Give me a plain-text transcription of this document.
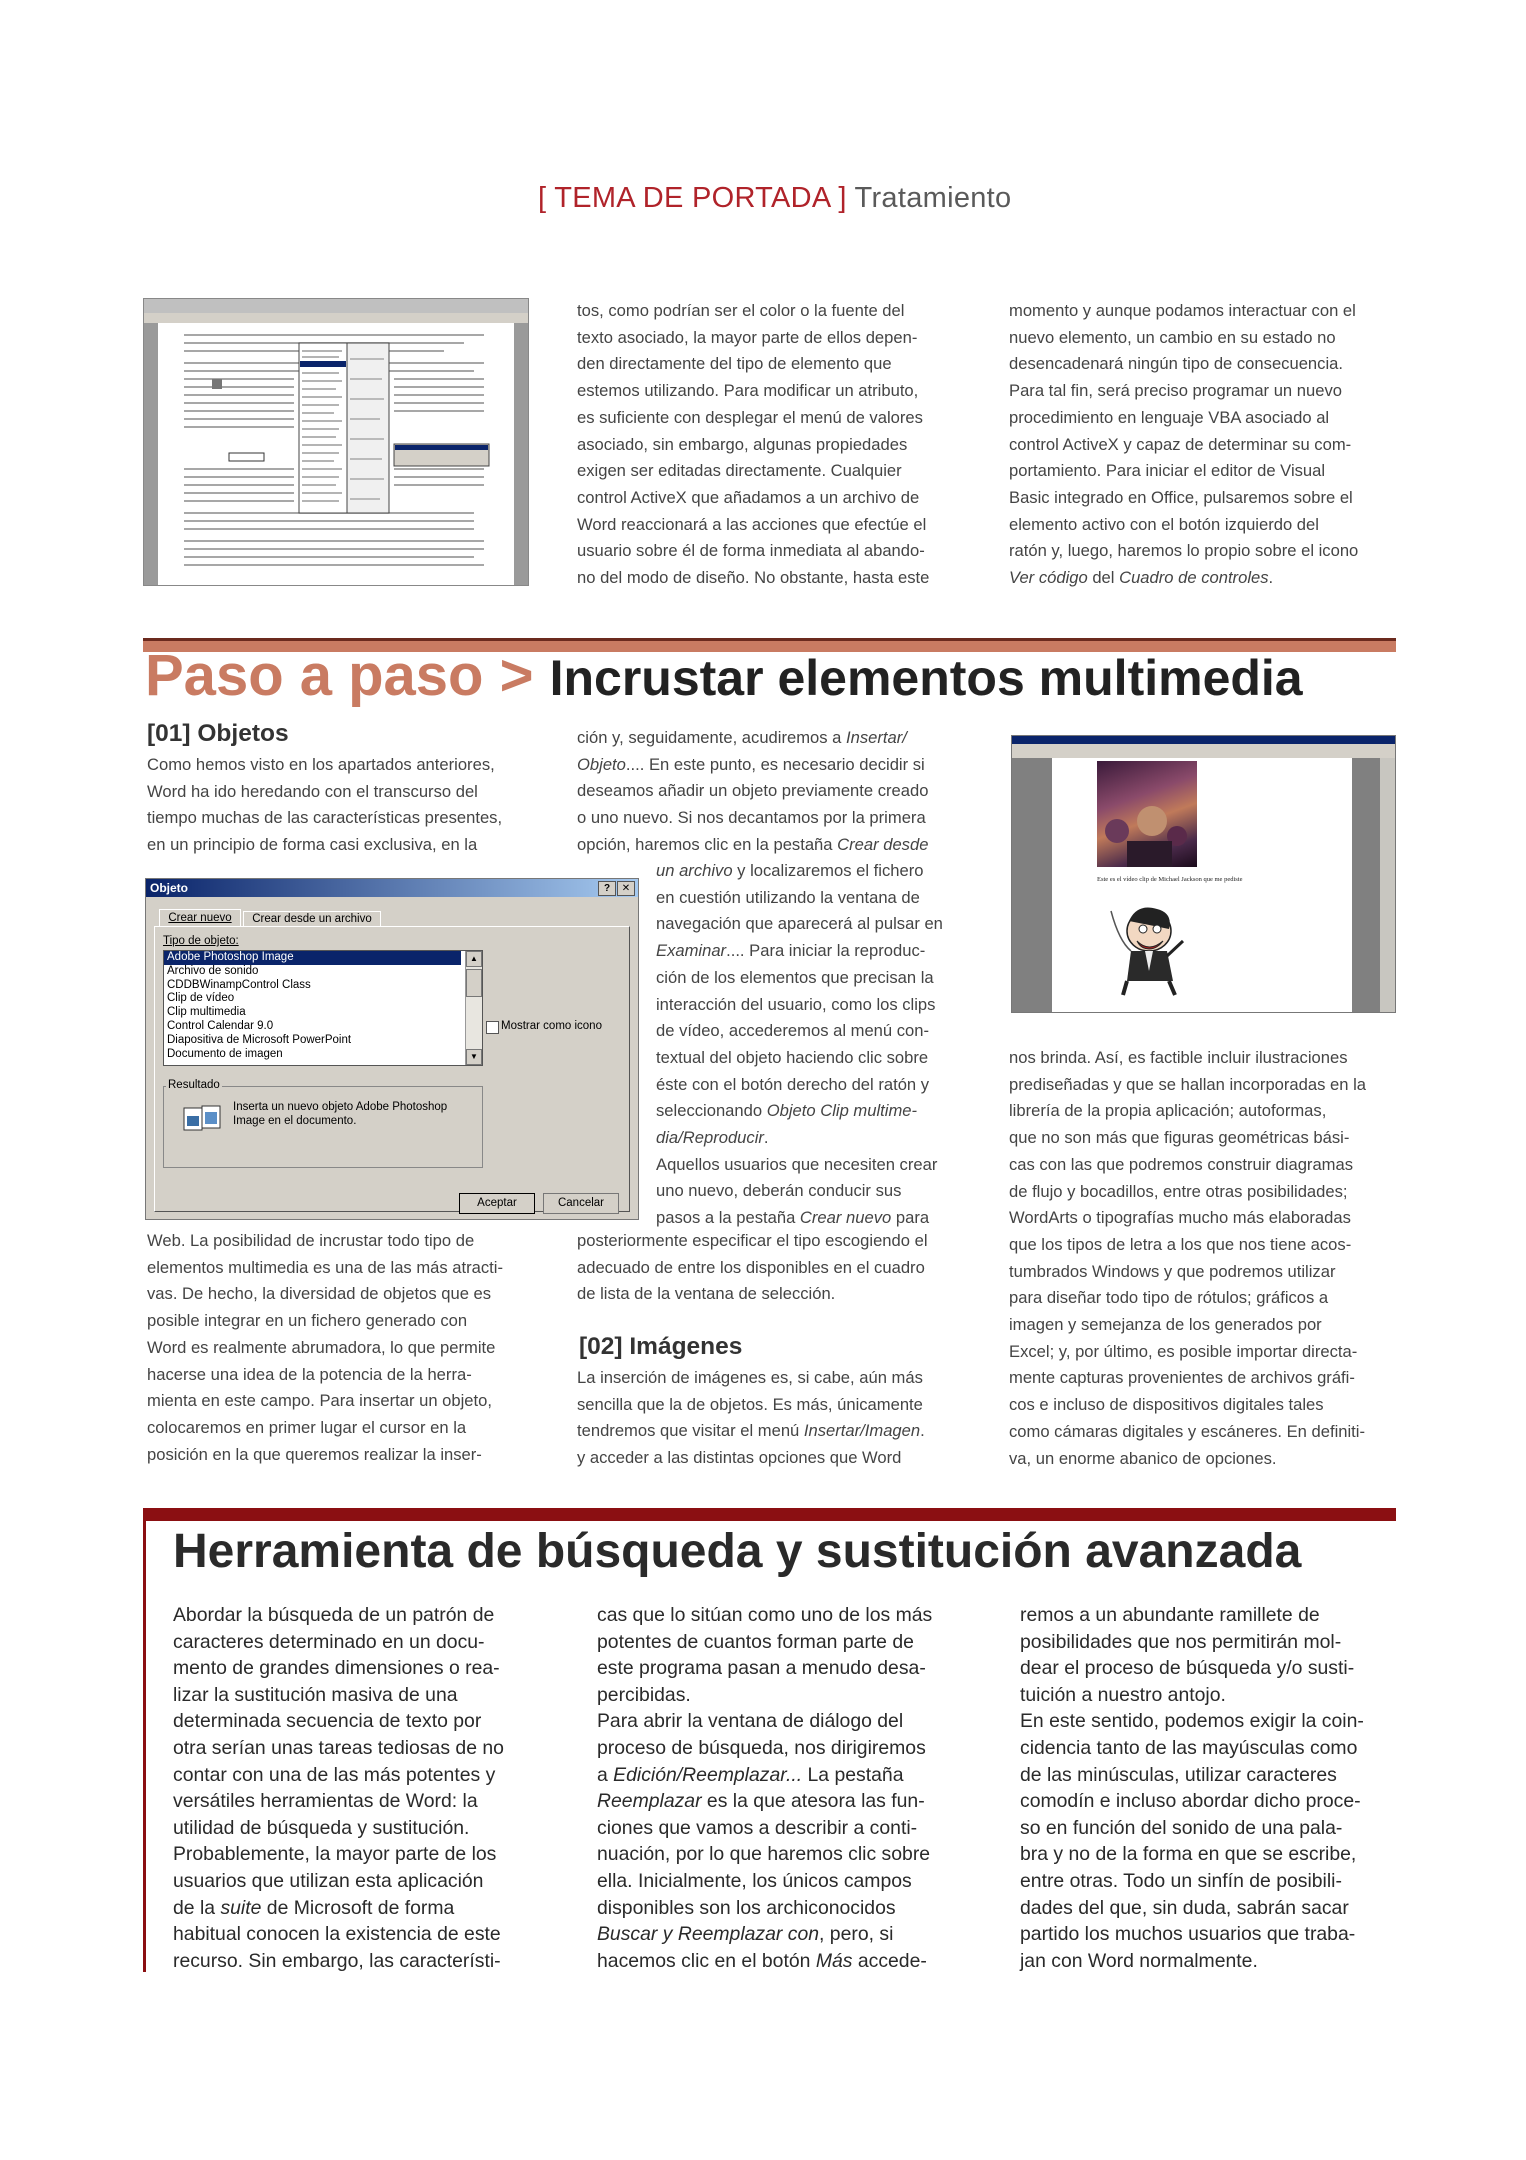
[ TEMA DE PORTADA ] Tratamiento

tos, como podrían ser el color o la fuente del

texto asociado, la mayor parte de ellos depen-

den directamente del tipo de elemento que

estemos utilizando. Para modificar un atributo,

es suficiente con desplegar el menú de valores

asociado, sin embargo, algunas propiedades

exigen ser editadas directamente. Cualquier

control ActiveX que añadamos a un archivo de

Word reaccionará a las acciones que efectúe el

usuario sobre él de forma inmediata al abando-

no del modo de diseño. No obstante, hasta este

momento y aunque podamos interactuar con el

nuevo elemento, un cambio en su estado no

desencadenará ningún tipo de consecuencia.

Para tal fin, será preciso programar un nuevo

procedimiento en lenguaje VBA asociado al

control ActiveX y capaz de determinar su com-

portamiento. Para iniciar el editor de Visual

Basic integrado en Office, pulsaremos sobre el

elemento activo con el botón izquierdo del

ratón y, luego, haremos lo propio sobre el icono

Ver código del Cuadro de controles.

Paso a paso > Incrustar elementos multimedia
[01] Objetos

Como hemos visto en los apartados anteriores,

Word ha ido heredando con el transcurso del

tiempo muchas de las características presentes,

en un principio de forma casi exclusiva, en la

Objeto	?	✕
Crear nuevo	Crear desde un archivo
Tipo de objeto:
Adobe Photoshop Image
Archivo de sonido
CDDBWinampControl Class
Clip de vídeo
Clip multimedia
Control Calendar 9.0
Diapositiva de Microsoft PowerPoint
Documento de imagen
▲
▼
Mostrar como icono
Resultado
Inserta un nuevo objeto Adobe Photoshop Image en el documento.
Aceptar	Cancelar

Web. La posibilidad de incrustar todo tipo de

elementos multimedia es una de las más atracti-

vas. De hecho, la diversidad de objetos que es

posible integrar en un fichero generado con

Word es realmente abrumadora, lo que permite

hacerse una idea de la potencia de la herra-

mienta en este campo. Para insertar un objeto,

colocaremos en primer lugar el cursor en la

posición en la que queremos realizar la inser-

ción y, seguidamente, acudiremos a Insertar/

Objeto.... En este punto, es necesario decidir si

deseamos añadir un objeto previamente creado

o uno nuevo. Si nos decantamos por la primera

opción, haremos clic en la pestaña Crear desde

un archivo y localizaremos el fichero

en cuestión utilizando la ventana de

navegación que aparecerá al pulsar en

Examinar.... Para iniciar la reproduc-

ción de los elementos que precisan la

interacción del usuario, como los clips

de vídeo, accederemos al menú con-

textual del objeto haciendo clic sobre

éste con el botón derecho del ratón y

seleccionando Objeto Clip multime-

dia/Reproducir.

Aquellos usuarios que necesiten crear

uno nuevo, deberán conducir sus

pasos a la pestaña Crear nuevo para

posteriormente especificar el tipo escogiendo el

adecuado de entre los disponibles en el cuadro

de lista de la ventana de selección.

[02] Imágenes

La inserción de imágenes es, si cabe, aún más

sencilla que la de objetos. Es más, únicamente

tendremos que visitar el menú Insertar/Imagen.

y acceder a las distintas opciones que Word

Este es el vídeo clip de Michael Jackson que me pediste

nos brinda. Así, es factible incluir ilustraciones

prediseñadas y que se hallan incorporadas en la

librería de la propia aplicación; autoformas,

que no son más que figuras geométricas bási-

cas con las que podremos construir diagramas

de flujo y bocadillos, entre otras posibilidades;

WordArts o tipografías mucho más elaboradas

que los tipos de letra a los que nos tiene acos-

tumbrados Windows y que podremos utilizar

para diseñar todo tipo de rótulos; gráficos a

imagen y semejanza de los generados por

Excel; y, por último, es posible importar directa-

mente capturas provenientes de archivos gráfi-

cos e incluso de dispositivos digitales tales

como cámaras digitales y escáneres. En definiti-

va, un enorme abanico de opciones.

Herramienta de búsqueda y sustitución avanzada

Abordar la búsqueda de un patrón de

caracteres determinado en un docu-

mento de grandes dimensiones o rea-

lizar la sustitución masiva de una

determinada secuencia de texto por

otra serían unas tareas tediosas de no

contar con una de las más potentes y

versátiles herramientas de Word: la

utilidad de búsqueda y sustitución.

Probablemente, la mayor parte de los

usuarios que utilizan esta aplicación

de la suite de Microsoft de forma

habitual conocen la existencia de este

recurso. Sin embargo, las característi-

cas que lo sitúan como uno de los más

potentes de cuantos forman parte de

este programa pasan a menudo desa-

percibidas.

Para abrir la ventana de diálogo del

proceso de búsqueda, nos dirigiremos

a Edición/Reemplazar... La pestaña

Reemplazar es la que atesora las fun-

ciones que vamos a describir a conti-

nuación, por lo que haremos clic sobre

ella. Inicialmente, los únicos campos

disponibles son los archiconocidos

Buscar y Reemplazar con, pero, si

hacemos clic en el botón Más accede-

remos a un abundante ramillete de

posibilidades que nos permitirán mol-

dear el proceso de búsqueda y/o susti-

tuición a nuestro antojo.

En este sentido, podemos exigir la coin-

cidencia tanto de las mayúsculas como

de las minúsculas, utilizar caracteres

comodín e incluso abordar dicho proce-

so en función del sonido de una pala-

bra y no de la forma en que se escribe,

entre otras. Todo un sinfín de posibili-

dades del que, sin duda, sabrán sacar

partido los muchos usuarios que traba-

jan con Word normalmente.
